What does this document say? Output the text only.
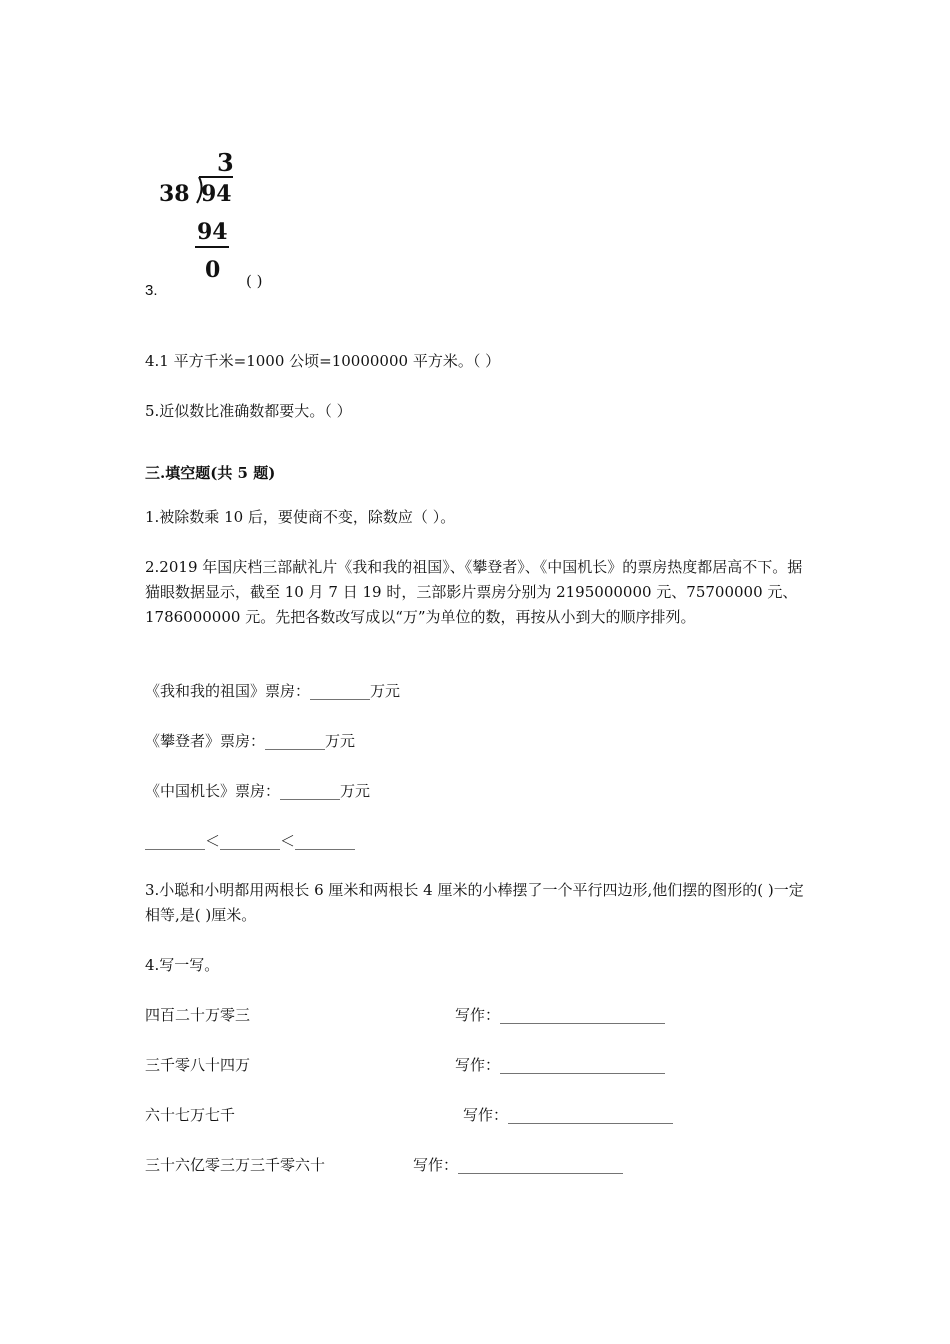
3
38 94
94
0
3.
( )
4.1 平方千米=1000 公顷=10000000 平方米。（ ）
5.近似数比准确数都要大。（ ）
三.填空题(共 5 题)
1.被除数乘 10 后，要使商不变，除数应（ ）。
2.2019 年国庆档三部献礼片《我和我的祖国》、《攀登者》、《中国机长》的票房热度都居高不下。据猫眼数据显示，截至 10 月 7 日 19 时，三部影片票房分别为 2195000000 元、75700000 元、1786000000 元。先把各数改写成以“万”为单位的数，再按从小到大的顺序排列。
《我和我的祖国》票房：________万元
《攀登者》票房：________万元
《中国机长》票房：________万元
________＜________＜________
3.小聪和小明都用两根长 6 厘米和两根长 4 厘米的小棒摆了一个平行四边形,他们摆的图形的( )一定相等,是( )厘米。
4.写一写。
四百二十万零三	写作：______________________
三千零八十四万	写作：______________________
六十七万七千	写作：______________________
三十六亿零三万三千零六十	写作：______________________
